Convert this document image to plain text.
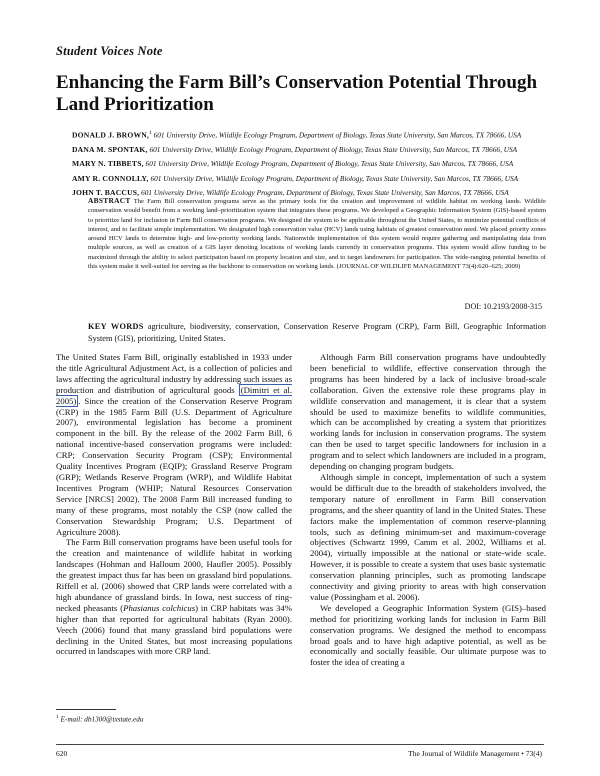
Student Voices Note
Enhancing the Farm Bill’s Conservation Potential Through Land Prioritization
DONALD J. BROWN,$^1$ 601 University Drive, Wildlife Ecology Program, Department of Biology, Texas State University, San Marcos, TX 78666, USA
DANA M. SPONTAK, 601 University Drive, Wildlife Ecology Program, Department of Biology, Texas State University, San Marcos, TX 78666, USA
MARY N. TIBBETS, 601 University Drive, Wildlife Ecology Program, Department of Biology, Texas State University, San Marcos, TX 78666, USA
AMY R. CONNOLLY, 601 University Drive, Wildlife Ecology Program, Department of Biology, Texas State University, San Marcos, TX 78666, USA
JOHN T. BACCUS, 601 University Drive, Wildlife Ecology Program, Department of Biology, Texas State University, San Marcos, TX 78666, USA
ABSTRACT The Farm Bill conservation programs serve as the primary tools for the creation and improvement of wildlife habitat on working lands. Wildlife conservation would benefit from a working land–prioritization system that integrates these programs. We developed a Geographic Information System (GIS)-based system to prioritize land for inclusion in Farm Bill conservation programs. We designed the system to be applicable throughout the United States, to minimize potential conflicts of interest, and to facilitate simple implementation. We designated high conservation value (HCV) lands using habitats of greatest conservation need. We placed priority zones around HCV lands to determine high- and low-priority working lands. Nationwide implementation of this system would require gathering and manipulating data from multiple sources, as well as creation of a GIS layer denoting locations of working lands currently in conservation programs. This system would allow funding to be maximized through the ability to select participation based on property location and size, and to target landowners for participation. The wide-ranging potential benefits of this system make it well-suited for serving as the backbone to conservation on working lands. (JOURNAL OF WILDLIFE MANAGEMENT 73(4):620–625; 2009)
DOI: 10.2193/2008-315
KEY WORDS agriculture, biodiversity, conservation, Conservation Reserve Program (CRP), Farm Bill, Geographic Information System (GIS), prioritizing, United States.

The United States Farm Bill, originally established in 1933 under the title Agricultural Adjustment Act, is a collection of policies and laws affecting the agricultural industry by addressing such issues as production and distribution of agricultural goods (Dimitri et al. 2005) . Since the creation of the Conservation Reserve Program (CRP) in the 1985 Farm Bill (U.S. Department of Agriculture 2007), environmental legislation has become a prominent component in the bill. By the release of the 2002 Farm Bill, 6 national incentive-based conservation programs were included: CRP; Conservation Security Program (CSP); Environmental Quality Incentives Program (EQIP); Grassland Reserve Program (GRP); Wetlands Reserve Program (WRP), and Wildlife Habitat Incentives Program (WHIP; Natural Resources Conservation Service [NRCS] 2002). The 2008 Farm Bill increased funding to many of these programs, most notably the CSP (now called the Conservation Stewardship Program; U.S. Department of Agriculture 2008).

The Farm Bill conservation programs have been useful tools for the creation and maintenance of wildlife habitat in working landscapes (Hohman and Halloum 2000, Haufler 2005). Possibly the greatest impact thus far has been on grassland bird populations. Riffell et al. (2006) showed that CRP lands were correlated with a high abundance of grassland birds. In Iowa, nest success of ring-necked pheasants (Phasianus colchicus) in CRP habitats was 34% higher than that reported for agricultural habitats (Ryan 2000). Veech (2006) found that many grassland bird populations were declining in the United States, but most increasing populations occurred in landscapes with more CRP land.

Although Farm Bill conservation programs have undoubtedly been beneficial to wildlife, effective conservation through the programs has been hindered by a lack of inclusive broad-scale collaboration. Given the extensive role these programs play in wildlife conservation and management, it is clear that a system should be used to maximize benefits to wildlife communities, which can be accomplished by creating a system that prioritizes working lands for inclusion in conservation programs. The system can then be used to target specific landowners for inclusion in a program and to select which landowners are included in a program, depending on changing program budgets.

Although simple in concept, implementation of such a system would be difficult due to the breadth of stakeholders involved, the temporary nature of enrollment in Farm Bill conservation programs, and the sheer quantity of land in the United States. These factors make the implementation of common reserve-planning tools, such as defining minimum-set and maximum-coverage objectives (Schwartz 1999, Camm et al. 2002, Williams et al. 2004), virtually impossible at the national or state-wide scale. However, it is possible to create a system that uses basic systematic conservation planning principles, such as promoting landscape connectivity and giving priority to areas with high conservation value (Possingham et al. 2006).

We developed a Geographic Information System (GIS)–based method for prioritizing working lands for inclusion in Farm Bill conservation programs. We designed the method to encompass broad goals and to have high adaptive potential, as well as be economically and socially feasible. Our ultimate purpose was to foster the idea of creating a

$^1$ E-mail: db1300@txstate.edu
620	The Journal of Wildlife Management • 73(4)
